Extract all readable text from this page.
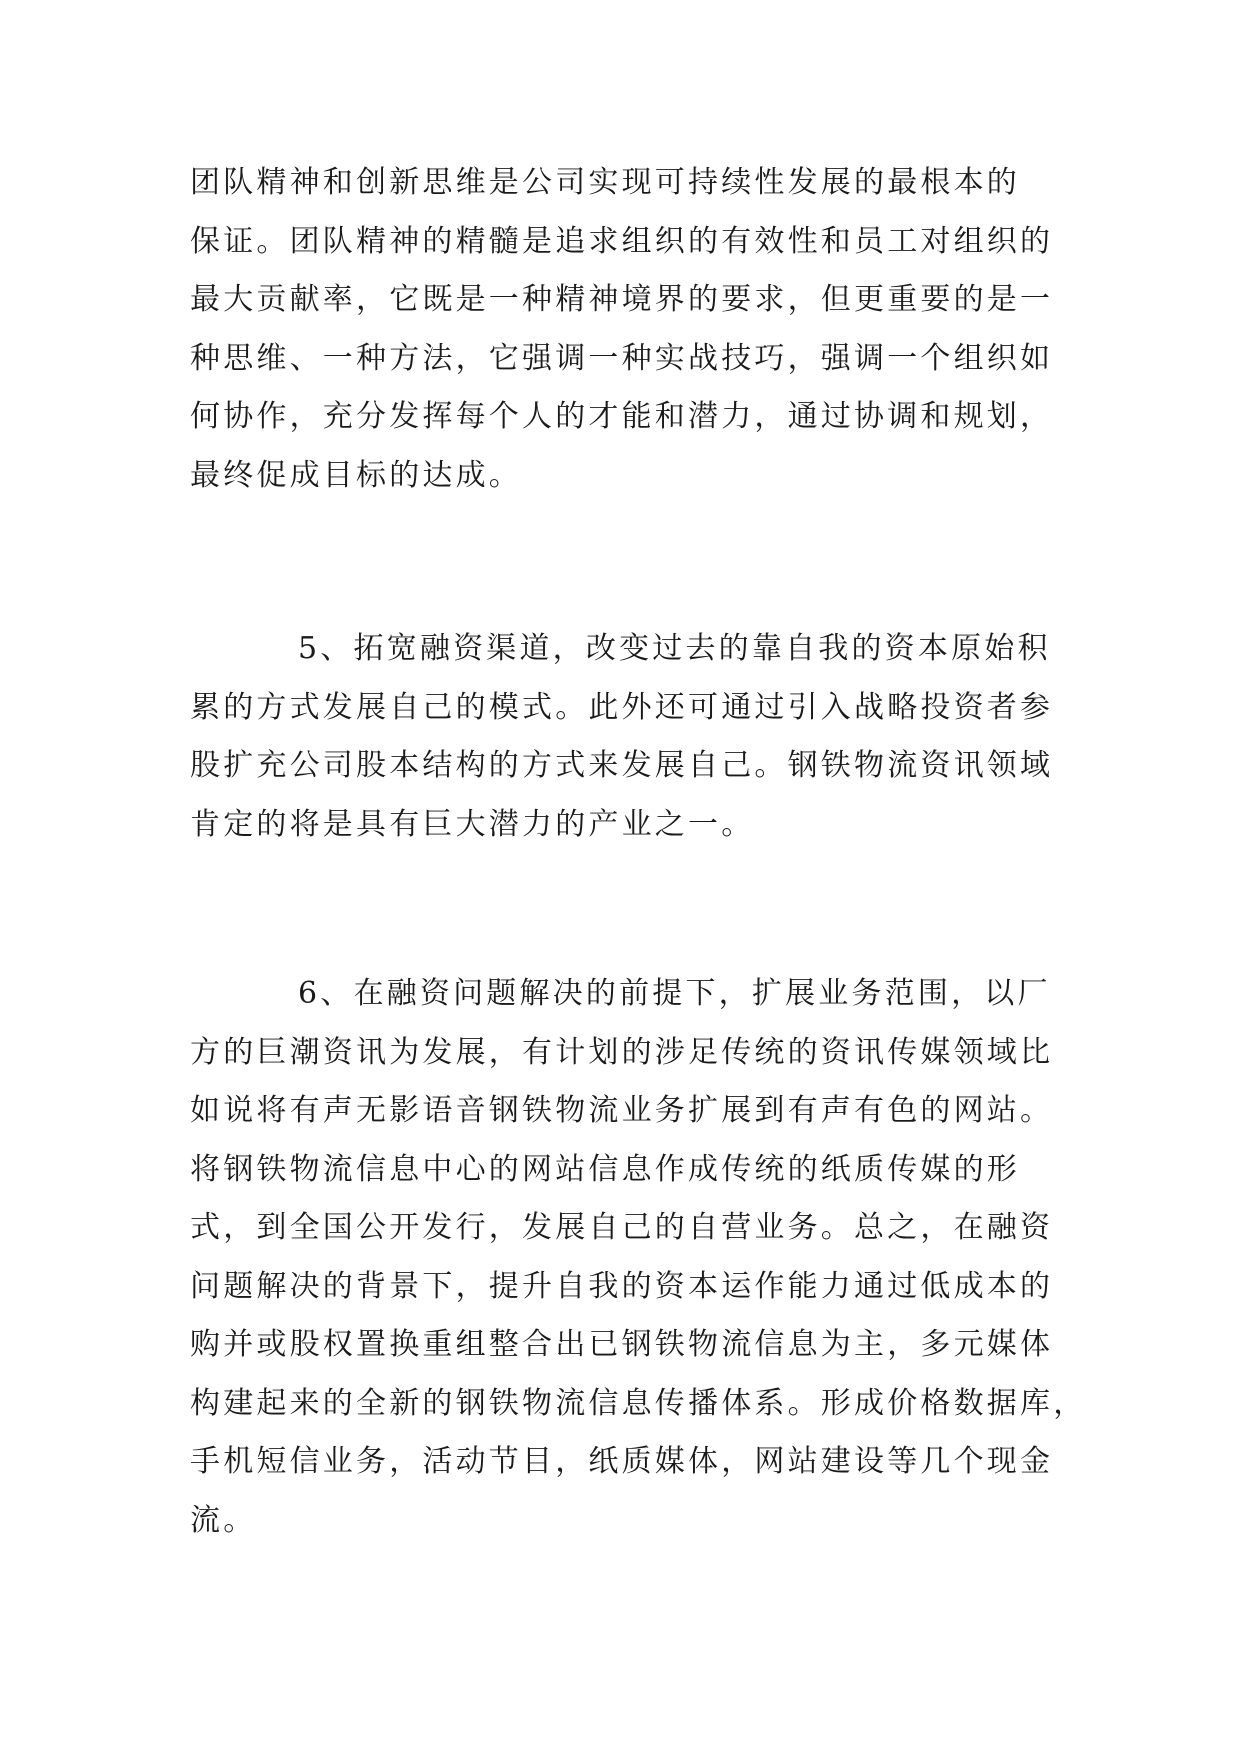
团队精神和创新思维是公司实现可持续性发展的最根本的
保证。团队精神的精髓是追求组织的有效性和员工对组织的
最大贡献率，它既是一种精神境界的要求，但更重要的是一
种思维、一种方法，它强调一种实战技巧，强调一个组织如
何协作，充分发挥每个人的才能和潜力，通过协调和规划，
最终促成目标的达成。
5、拓宽融资渠道，改变过去的靠自我的资本原始积
累的方式发展自己的模式。此外还可通过引入战略投资者参
股扩充公司股本结构的方式来发展自己。钢铁物流资讯领域
肯定的将是具有巨大潜力的产业之一。
6、在融资问题解决的前提下，扩展业务范围，以厂
方的巨潮资讯为发展，有计划的涉足传统的资讯传媒领域比
如说将有声无影语音钢铁物流业务扩展到有声有色的网站。
将钢铁物流信息中心的网站信息作成传统的纸质传媒的形
式，到全国公开发行，发展自己的自营业务。总之，在融资
问题解决的背景下，提升自我的资本运作能力通过低成本的
购并或股权置换重组整合出已钢铁物流信息为主，多元媒体
构建起来的全新的钢铁物流信息传播体系。形成价格数据库，
手机短信业务，活动节目，纸质媒体，网站建设等几个现金
流。
